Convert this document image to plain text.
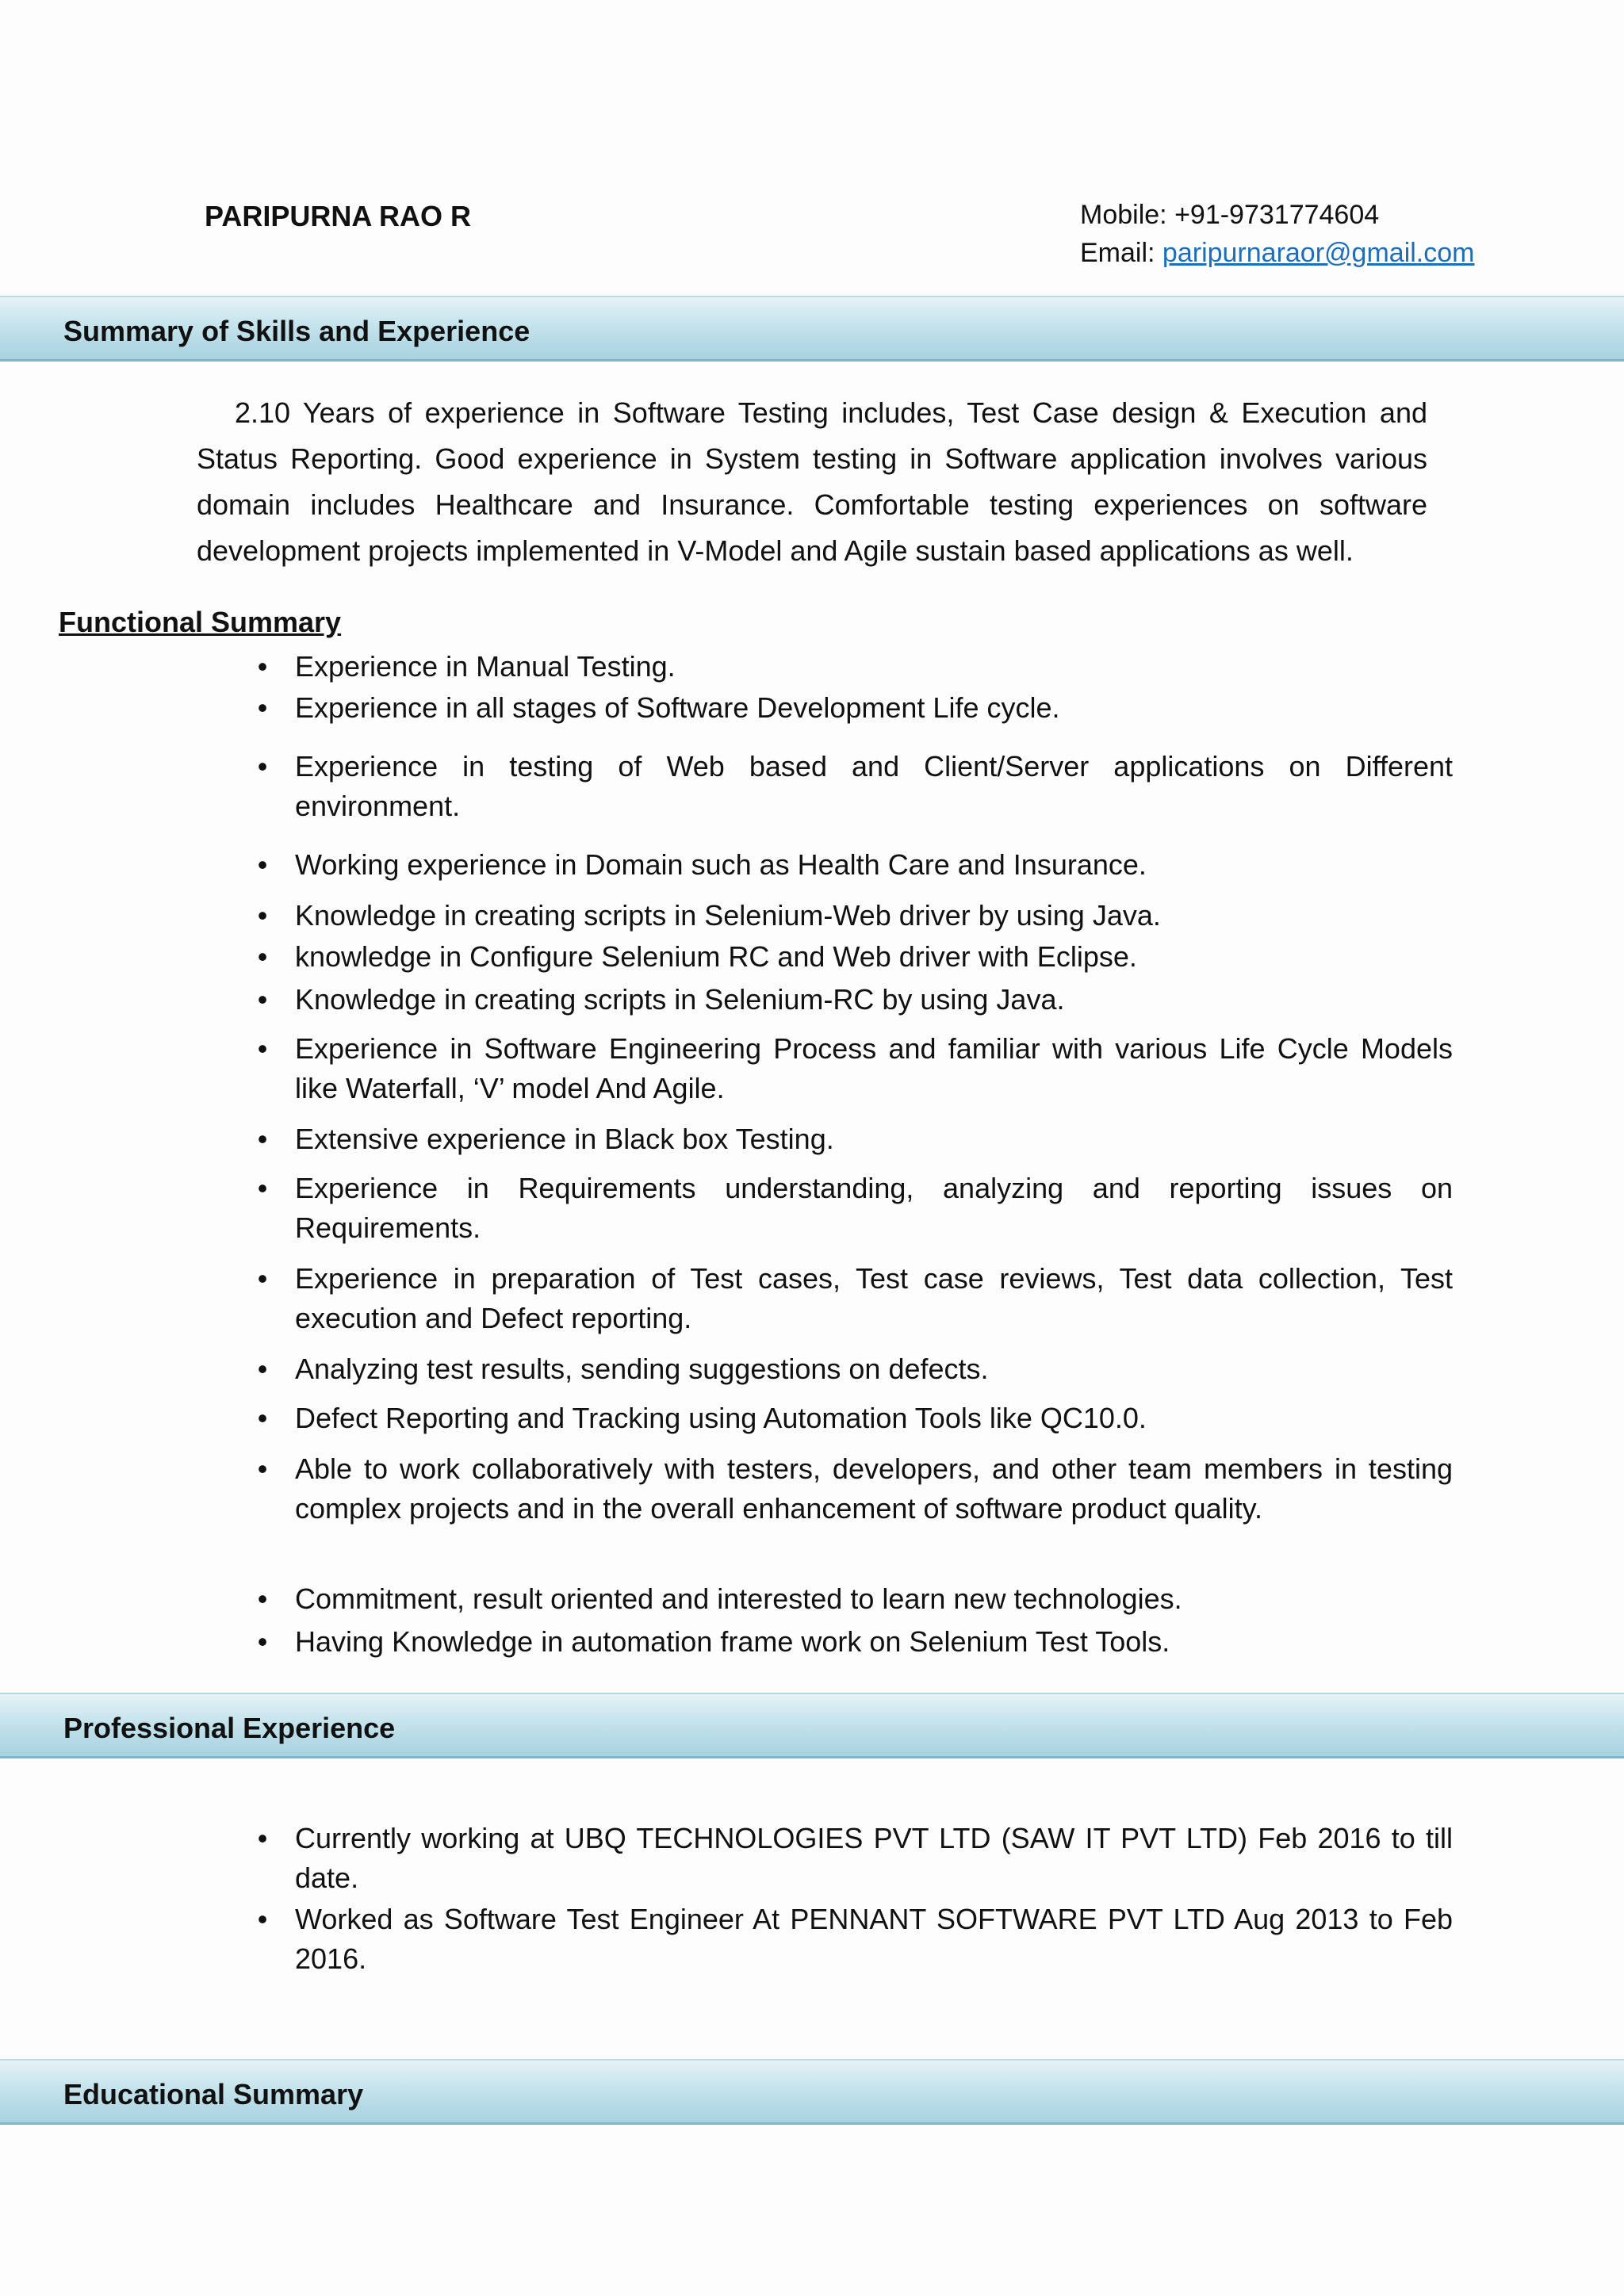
PARIPURNA RAO R	Mobile: +91-9731774604
Email: paripurnaraor@gmail.com
Summary of Skills and Experience
2.10 Years of experience in Software Testing includes, Test Case design & Execution and Status Reporting. Good experience in System testing in Software application involves various domain includes Healthcare and Insurance. Comfortable testing experiences on software development projects implemented in V-Model and Agile sustain based applications as well.
Functional Summary
• Experience in Manual Testing.
• Experience in all stages of Software Development Life cycle.
• Experience in testing of Web based and Client/Server applications on Different environment.
• Working experience in Domain such as Health Care and Insurance.
• Knowledge in creating scripts in Selenium-Web driver by using Java.
• knowledge in Configure Selenium RC and Web driver with Eclipse.
• Knowledge in creating scripts in Selenium-RC by using Java.
• Experience in Software Engineering Process and familiar with various Life Cycle Models like Waterfall, ‘V’ model And Agile.
• Extensive experience in Black box Testing.
• Experience in Requirements understanding, analyzing and reporting issues on Requirements.
• Experience in preparation of Test cases, Test case reviews, Test data collection, Test execution and Defect reporting.
• Analyzing test results, sending suggestions on defects.
• Defect Reporting and Tracking using Automation Tools like QC10.0.
• Able to work collaboratively with testers, developers, and other team members in testing complex projects and in the overall enhancement of software product quality.
• Commitment, result oriented and interested to learn new technologies.
• Having Knowledge in automation frame work on Selenium Test Tools.
Professional Experience
• Currently working at UBQ TECHNOLOGIES PVT LTD (SAW IT PVT LTD) Feb 2016 to till date.
• Worked as Software Test Engineer At PENNANT SOFTWARE PVT LTD Aug 2013 to Feb 2016.
Educational Summary
